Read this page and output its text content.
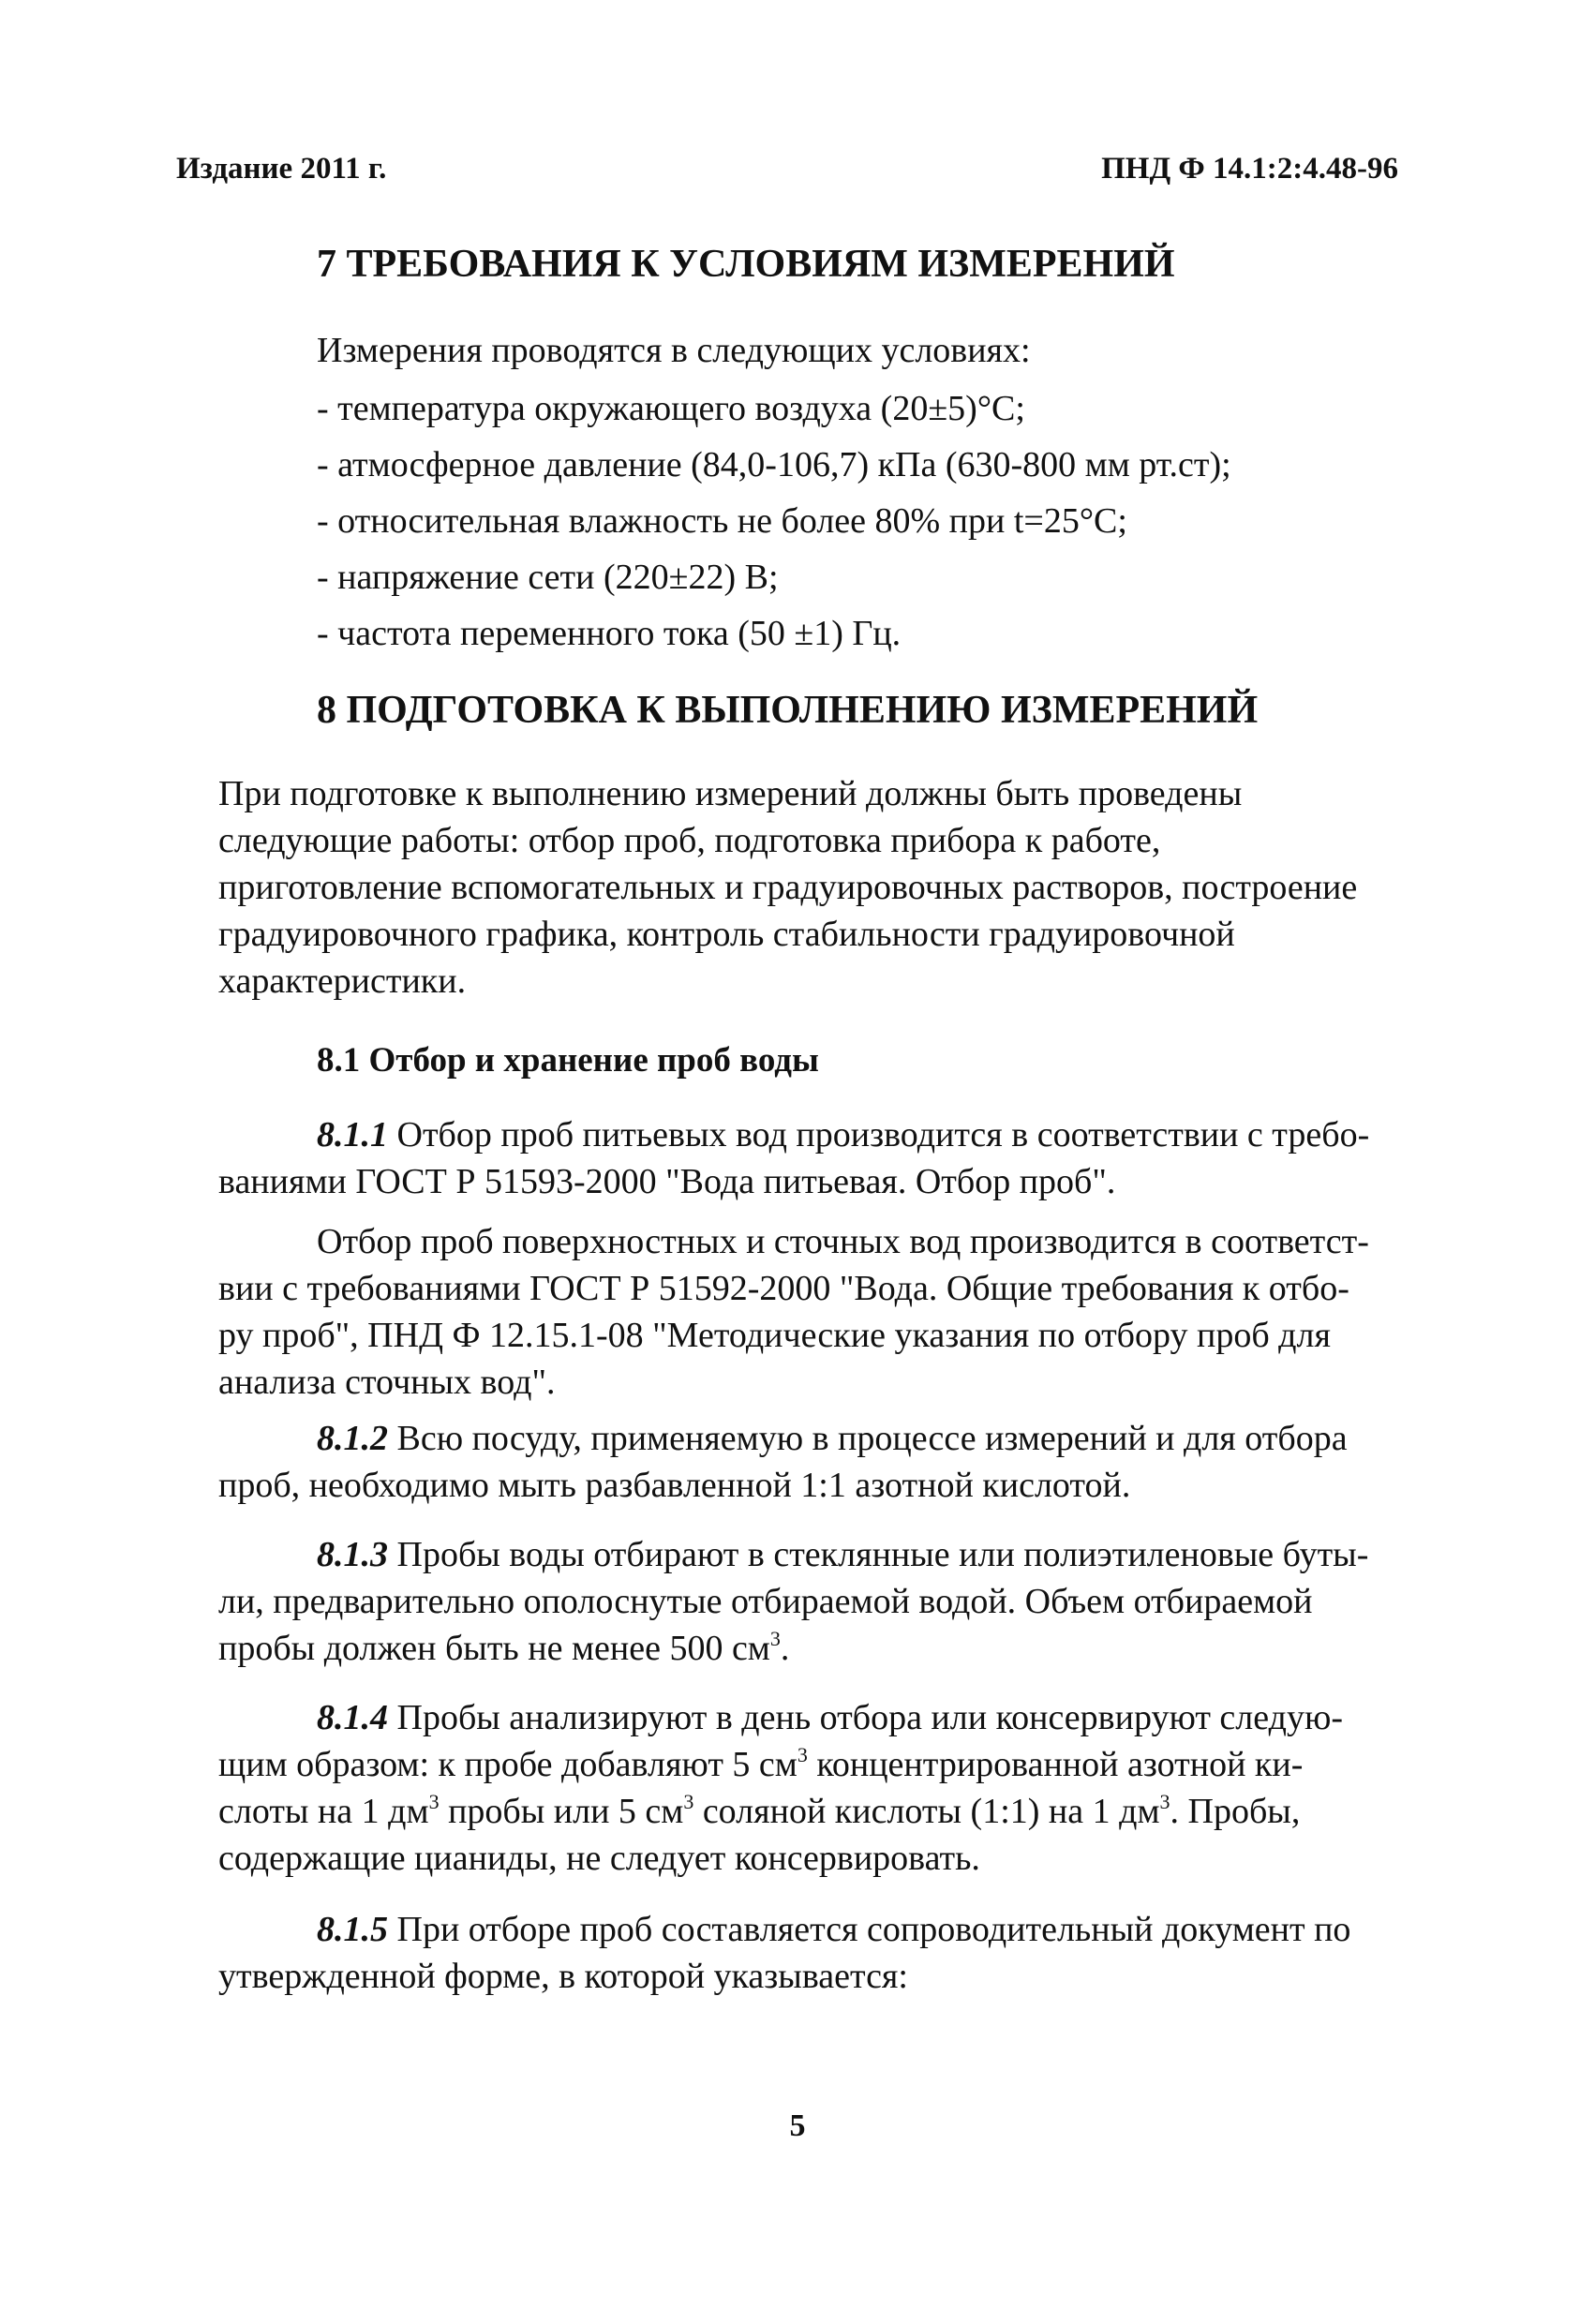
Издание 2011 г.	ПНД Ф 14.1:2:4.48-96
7 ТРЕБОВАНИЯ К УСЛОВИЯМ ИЗМЕРЕНИЙ
Измерения проводятся в следующих условиях:
- температура окружающего воздуха (20±5)°С;
- атмосферное давление (84,0-106,7) кПа (630-800 мм рт.ст);
- относительная влажность не более 80% при t=25°С;
- напряжение сети (220±22) В;
- частота переменного тока (50 ±1) Гц.
8 ПОДГОТОВКА К ВЫПОЛНЕНИЮ ИЗМЕРЕНИЙ
При подготовке к выполнению измерений должны быть проведены
следующие работы: отбор проб, подготовка прибора к работе,
приготовление вспомогательных и градуировочных растворов, построение
градуировочного графика, контроль стабильности градуировочной
характеристики.
8.1 Отбор и хранение проб воды
8.1.1 Отбор проб питьевых вод производится в соответствии с требо-
ваниями ГОСТ Р 51593-2000 "Вода питьевая. Отбор проб".
Отбор проб поверхностных и сточных вод производится в соответст-
вии с требованиями ГОСТ Р 51592-2000 "Вода. Общие требования к отбо-
ру проб", ПНД Ф 12.15.1-08 "Методические указания по отбору проб для
анализа сточных вод".
8.1.2 Всю посуду, применяемую в процессе измерений и для отбора
проб, необходимо мыть разбавленной 1:1 азотной кислотой.
8.1.3 Пробы воды отбирают в стеклянные или полиэтиленовые буты-
ли, предварительно ополоснутые отбираемой водой. Объем отбираемой
пробы должен быть не менее 500 $см^3$.
8.1.4 Пробы анализируют в день отбора или консервируют следую-
щим образом: к пробе добавляют 5 $см^3$ концентрированной азотной ки-
слоты на 1 $дм^3$ пробы или 5 $см^3$ соляной кислоты (1:1) на 1 $дм^3$. Пробы,
содержащие цианиды, не следует консервировать.
8.1.5 При отборе проб составляется сопроводительный документ по
утвержденной форме, в которой указывается:
5
